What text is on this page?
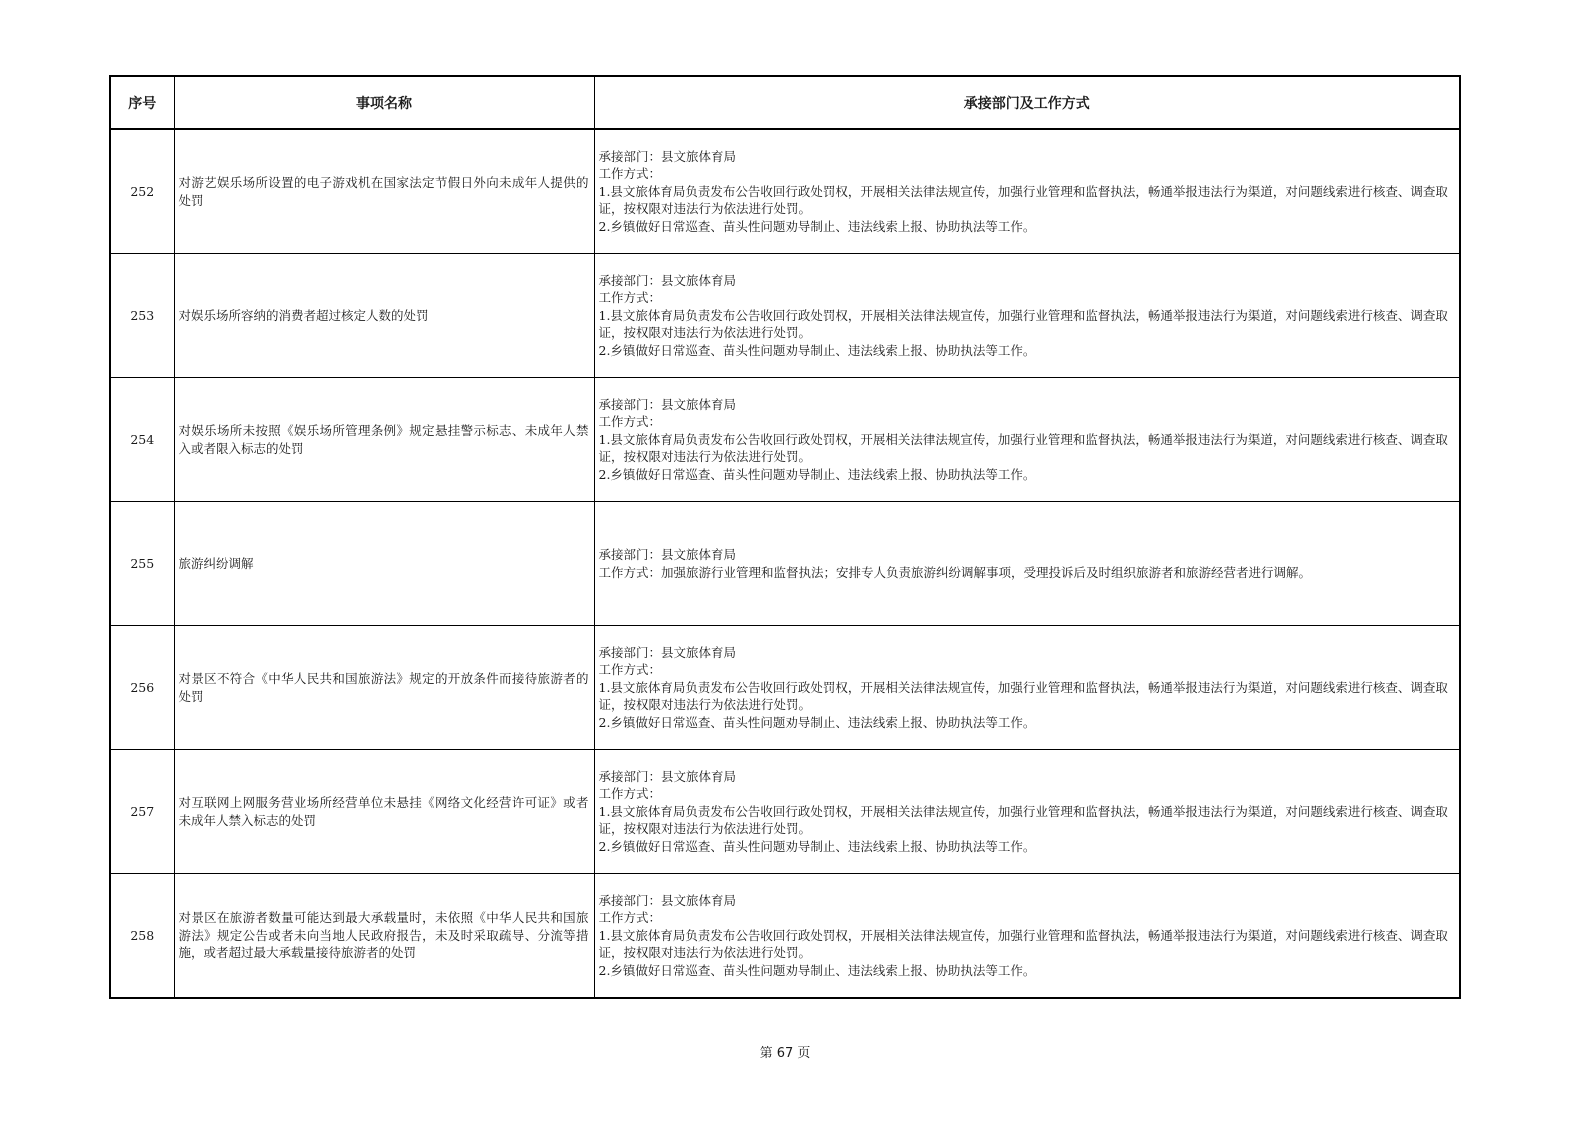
序号	事项名称	承接部门及工作方式
252	对游艺娱乐场所设置的电子游戏机在国家法定节假日外向未成年人提供的处罚	承接部门：县文旅体育局
工作方式：
1.县文旅体育局负责发布公告收回行政处罚权，开展相关法律法规宣传，加强行业管理和监督执法，畅通举报违法行为渠道，对问题线索进行核查、调查取证，按权限对违法行为依法进行处罚。
2.乡镇做好日常巡查、苗头性问题劝导制止、违法线索上报、协助执法等工作。

253	对娱乐场所容纳的消费者超过核定人数的处罚	承接部门：县文旅体育局
工作方式：
1.县文旅体育局负责发布公告收回行政处罚权，开展相关法律法规宣传，加强行业管理和监督执法，畅通举报违法行为渠道，对问题线索进行核查、调查取证，按权限对违法行为依法进行处罚。
2.乡镇做好日常巡查、苗头性问题劝导制止、违法线索上报、协助执法等工作。

254	对娱乐场所未按照《娱乐场所管理条例》规定悬挂警示标志、未成年人禁入或者限入标志的处罚	承接部门：县文旅体育局
工作方式：
1.县文旅体育局负责发布公告收回行政处罚权，开展相关法律法规宣传，加强行业管理和监督执法，畅通举报违法行为渠道，对问题线索进行核查、调查取证，按权限对违法行为依法进行处罚。
2.乡镇做好日常巡查、苗头性问题劝导制止、违法线索上报、协助执法等工作。

255	旅游纠纷调解	承接部门：县文旅体育局
工作方式：加强旅游行业管理和监督执法；安排专人负责旅游纠纷调解事项，受理投诉后及时组织旅游者和旅游经营者进行调解。

256	对景区不符合《中华人民共和国旅游法》规定的开放条件而接待旅游者的处罚	承接部门：县文旅体育局
工作方式：
1.县文旅体育局负责发布公告收回行政处罚权，开展相关法律法规宣传，加强行业管理和监督执法，畅通举报违法行为渠道，对问题线索进行核查、调查取证，按权限对违法行为依法进行处罚。
2.乡镇做好日常巡查、苗头性问题劝导制止、违法线索上报、协助执法等工作。

257	对互联网上网服务营业场所经营单位未悬挂《网络文化经营许可证》或者未成年人禁入标志的处罚	承接部门：县文旅体育局
工作方式：
1.县文旅体育局负责发布公告收回行政处罚权，开展相关法律法规宣传，加强行业管理和监督执法，畅通举报违法行为渠道，对问题线索进行核查、调查取证，按权限对违法行为依法进行处罚。
2.乡镇做好日常巡查、苗头性问题劝导制止、违法线索上报、协助执法等工作。

258	对景区在旅游者数量可能达到最大承载量时，未依照《中华人民共和国旅游法》规定公告或者未向当地人民政府报告，未及时采取疏导、分流等措施，或者超过最大承载量接待旅游者的处罚	承接部门：县文旅体育局
工作方式：
1.县文旅体育局负责发布公告收回行政处罚权，开展相关法律法规宣传，加强行业管理和监督执法，畅通举报违法行为渠道，对问题线索进行核查、调查取证，按权限对违法行为依法进行处罚。
2.乡镇做好日常巡查、苗头性问题劝导制止、违法线索上报、协助执法等工作。
第 67 页
